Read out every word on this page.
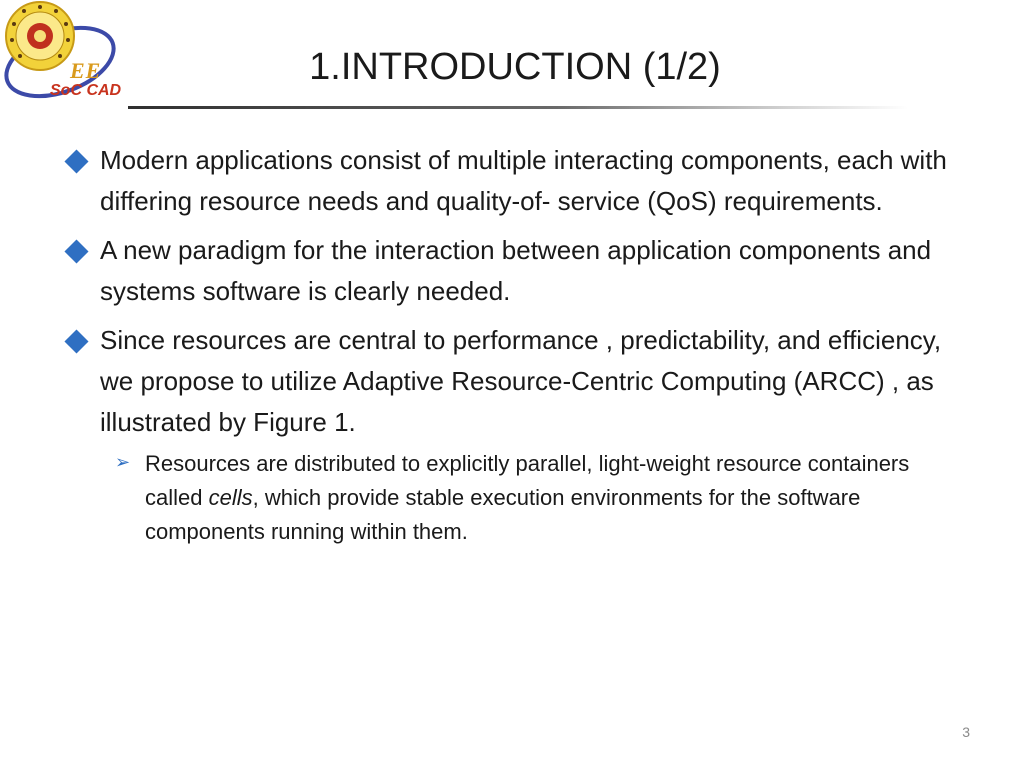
EE
SoC CAD
1.INTRODUCTION (1/2)
Modern applications consist of multiple interacting components, each with differing resource needs and quality-of- service (QoS) requirements.
A new paradigm for the interaction between application components and systems software is clearly needed.
Since resources are central to performance , predictability, and efficiency, we propose to utilize Adaptive Resource-Centric Computing (ARCC) , as illustrated by Figure 1.
➢ Resources are distributed to explicitly parallel, light-weight resource containers called cells, which provide stable execution environments for the software components running within them.
3
